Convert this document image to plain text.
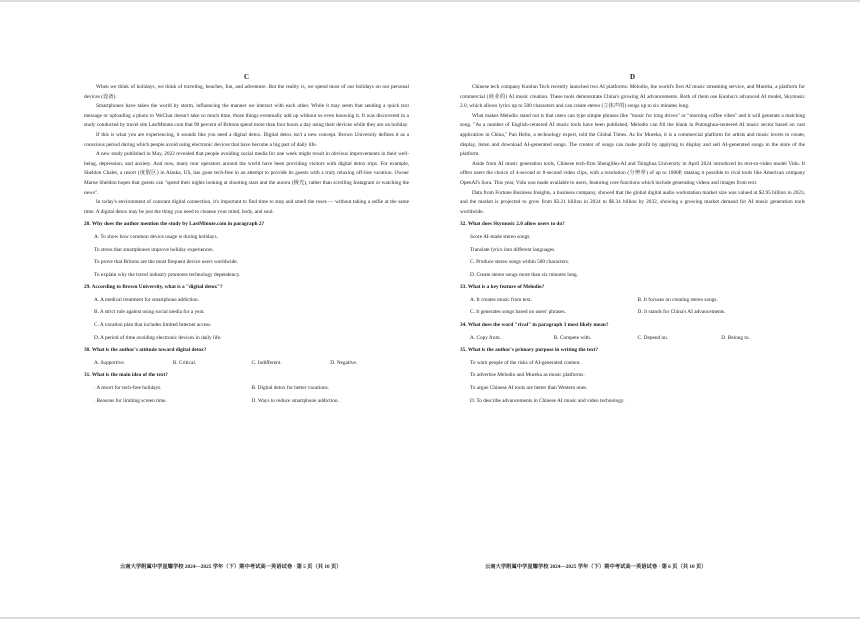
C

When we think of holidays, we think of traveling, beaches, fun, and adventure. But the reality is, we spend most of our holidays on our personal devices (设备).

Smartphones have taken the world by storm, influencing the manner we interact with each other. While it may seem that sending a quick text message or uploading a photo to WeChat doesn't take so much time, those things eventually add up without us even knowing it. It was discovered in a study conducted by travel site LastMinute.com that 90 percent of Britons spend more than four hours a day using their devices while they are on holiday.

If this is what you are experiencing, it sounds like you need a digital detox. Digital detox isn't a new concept. Brown University defines it as a conscious period during which people avoid using electronic devices that have become a big part of daily life.

A new study published in May, 2022 revealed that people avoiding social media for one week might result in obvious improvements in their well-being, depression, and anxiety. And now, many tour operators around the world have been providing visitors with digital detox trips. For example, Sheldon Chalet, a resort (度假区) in Alaska, US, has gone tech-free in an attempt to provide its guests with a truly relaxing off-line vacation. Owner Marne Sheldon hopes that guests can "spend their nights looking at shooting stars and the aurora (极光), rather than scrolling Instagram or watching the news".

In today's environment of constant digital connection, it's important to find time to stop and smell the roses — without taking a selfie at the same time. A digital detox may be just the thing you need to cleanse your mind, body, and soul.

28. Why does the author mention the study by LastMinute.com in paragraph 2?
A. To show how common device usage is during holidays.
To stress that smartphones improve holiday experiences.
To prove that Britons are the most frequent device users worldwide.
To explain why the travel industry promotes technology dependency.
29. According to Brown University, what is a "digital detox"?
A. A medical treatment for smartphone addiction.
B. A strict rule against using social media for a year.
C. A vacation plan that includes limited Internet access.
D. A period of time avoiding electronic devices in daily life.
30. What is the author's attitude toward digital detox?
A. Supportive.	B. Critical.	C. Indifferent.	D. Negative.
31. What is the main idea of the text?
. A resort for tech-free holidays.	B. Digital detox for better vacations.
. Reasons for limiting screen time.	D. Ways to reduce smartphone addiction.
云南大学附属中学星耀学校 2024—2025 学年（下）期中考试高一英语试卷 · 第 5 页（共 10 页）
D

Chinese tech company Kunlun Tech recently launched two AI platforms: Melodio, the world's first AI music streaming service, and Mureka, a platform for commercial (商业的) AI music creation. These tools demonstrate China's growing AI advancements. Both of them use Kunlun's advanced AI model, Skymusic 2.0, which allows lyrics up to 500 characters and can create stereo (立体声的) songs up to six minutes long.

What makes Melodio stand out is that users can type simple phrases like "music for long drives" or "morning coffee vibes" and it will generate a matching song. "As a number of English-centered AI music tools have been published, Melodio can fill the blank in Putonghua-centered AI music sector based on vast application in China," Pan Helin, a technology expert, told the Global Times. As for Mureka, it is a commercial platform for artists and music lovers to create, display, listen and download AI-generated songs. The creator of songs can make profit by applying to display and sell AI-generated songs in the store of the platform.

Aside from AI music generation tools, Chinese tech-firm ShengShu-AI and Tsinghua University in April 2024 introduced its text-to-video model Vidu. It offers users the choice of 4-second or 8-second video clips, with a resolution (分辨率) of up to 1080P, making it possible to rival tools like American company OpenAI's Sora. This year, Vidu was made available to users, featuring core functions which include generating videos and images from text.

Data from Fortune Business Insights, a business company, showed that the global digital audio workstation market size was valued at $2.95 billion in 2023, and the market is projected to grow from $3.21 billion in 2024 to $6.34 billion by 2032, showing a growing market demand for AI music generation tools worldwide.

32. What does Skymusic 2.0 allow users to do?
Score AI-made stereo songs.
Translate lyrics into different languages.
C. Produce stereo songs within 500 characters.
D. Create stereo songs more than six minutes long.
33. What is a key feature of Melodio?
A. It creates music from text.	B. It focuses on creating stereo songs.
C. It generates songs based on users' phrases.	D. It stands for China's AI advancements.
34. What does the word "rival" in paragraph 3 most likely mean?
A. Copy from.	B. Compete with.	C. Depend on.	D. Belong to.
35. What is the author's primary purpose in writing the text?
To warn people of the risks of AI-generated content.
To advertise Melodio and Mureka as music platforms.
To argue Chinese AI tools are better than Western ones.
D. To describe advancements in Chinese AI music and video technology.
云南大学附属中学星耀学校 2024—2025 学年（下）期中考试高一英语试卷 · 第 6 页（共 10 页）
